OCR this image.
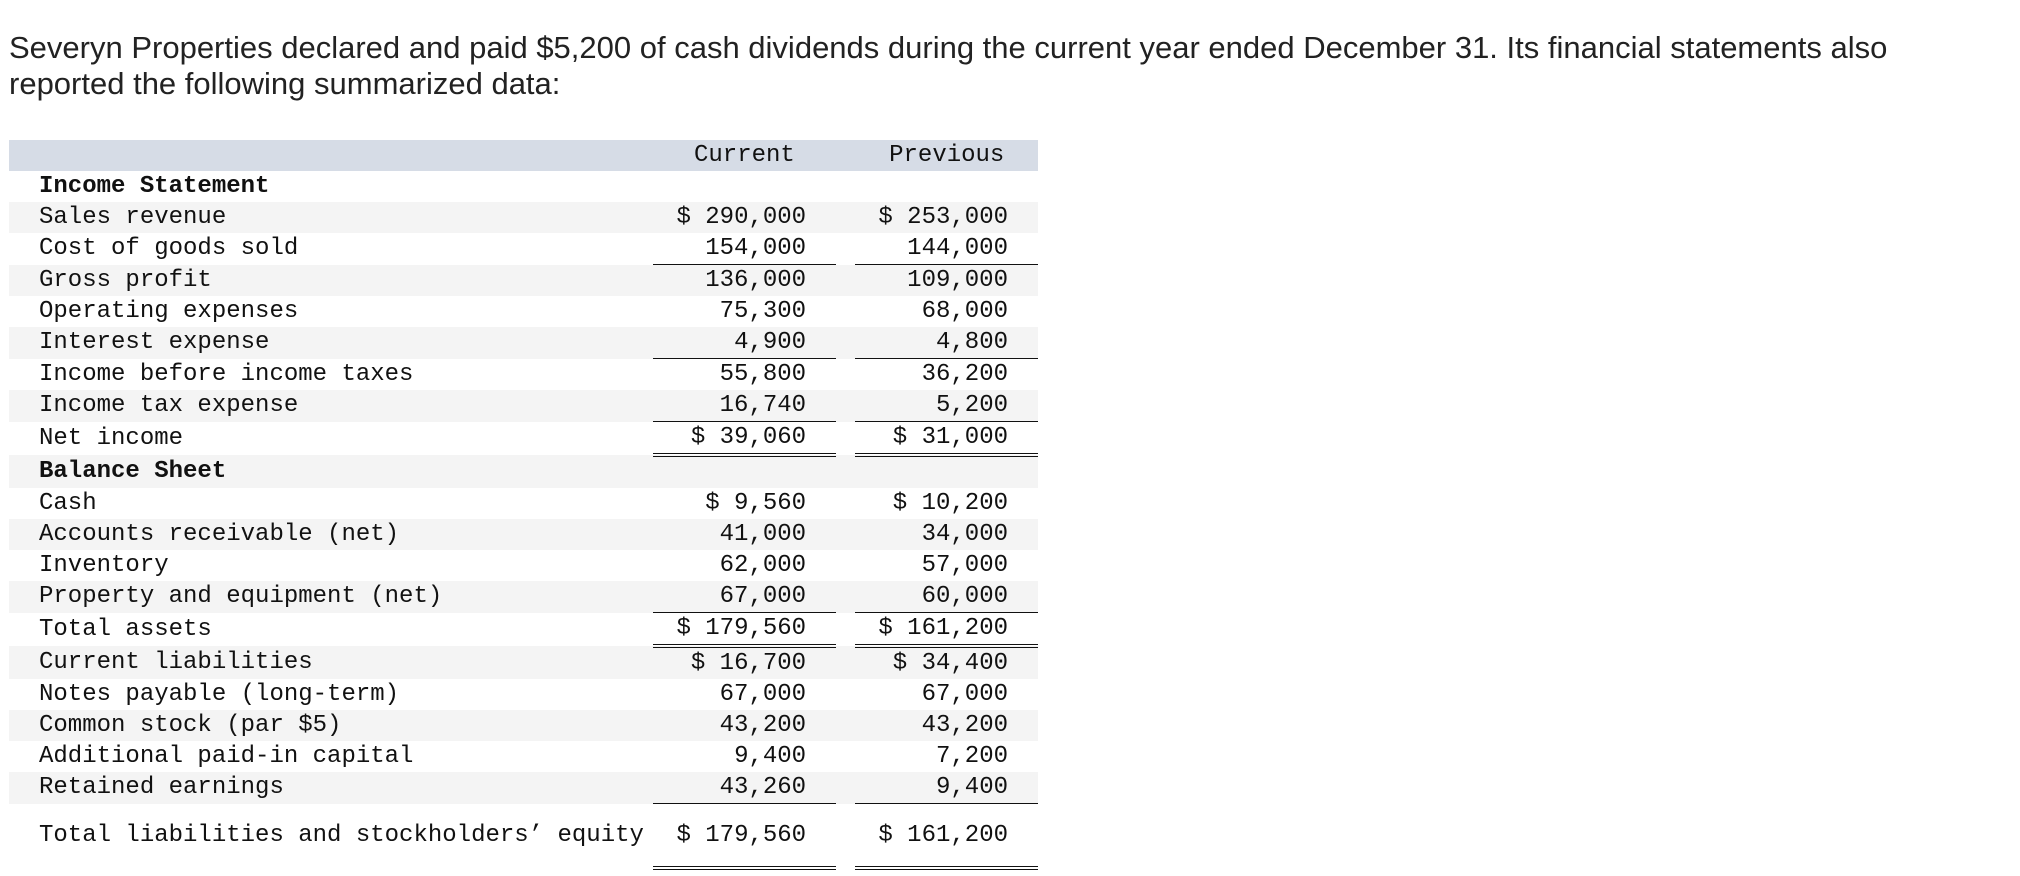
Severyn Properties declared and paid $5,200 of cash dividends during the current year ended December 31. Its financial statements also reported the following summarized data:
	Current		Previous
Income Statement			
Sales revenue	$ 290,000		$ 253,000
Cost of goods sold	154,000		144,000
Gross profit	136,000		109,000
Operating expenses	75,300		68,000
Interest expense	4,900		4,800
Income before income taxes	55,800		36,200
Income tax expense	16,740		5,200
Net income	$ 39,060		$ 31,000
Balance Sheet			
Cash	$ 9,560		$ 10,200
Accounts receivable (net)	41,000		34,000
Inventory	62,000		57,000
Property and equipment (net)	67,000		60,000
Total assets	$ 179,560		$ 161,200
Current liabilities	$ 16,700		$ 34,400
Notes payable (long-term)	67,000		67,000
Common stock (par $5)	43,200		43,200
Additional paid-in capital	9,400		7,200
Retained earnings	43,260		9,400
Total liabilities and stockholders’ equity	$ 179,560		$ 161,200
